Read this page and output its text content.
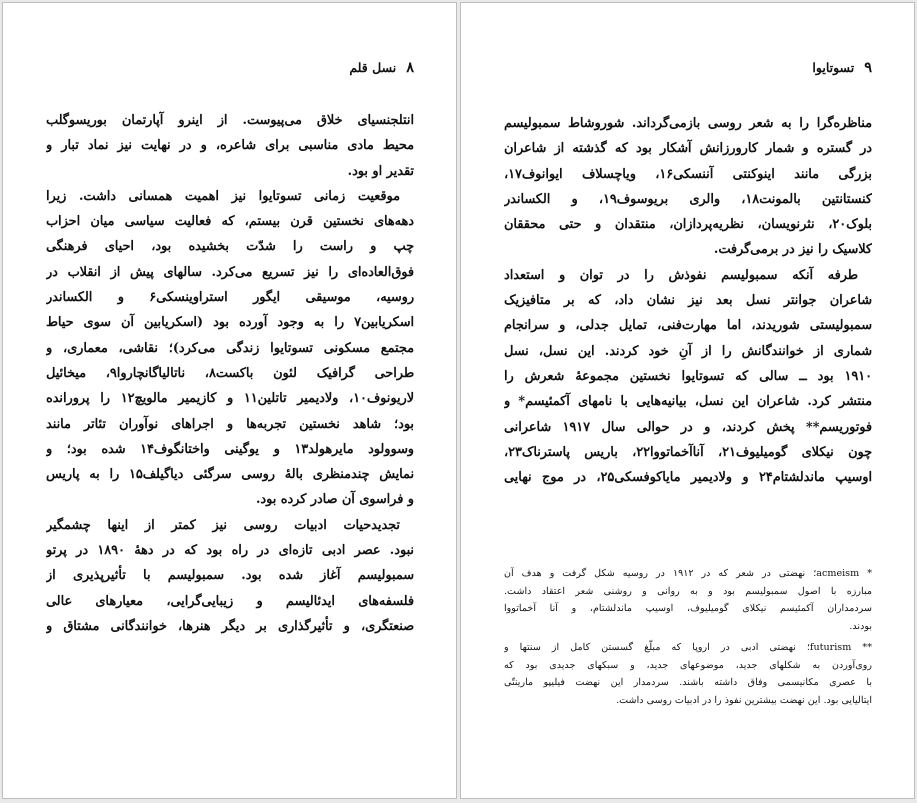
۸
نسل قلم
انتلجنسیای خلاق می‌پیوست. از اینرو آپارتمان بوریسوگلب
محیط مادی مناسبی برای شاعره، و در نهایت نیز نماد تبار و
تقدیر او بود.
موقعیت زمانی تسوتایوا نیز اهمیت همسانی داشت. زیرا
دهه‌های نخستین قرن بیستم، که فعالیت سیاسی میان احزاب
چپ و راست را شدّت بخشیده بود، احیای فرهنگی
فوق‌العاده‌ای را نیز تسریع می‌کرد. سالهای پیش از انقلاب در
روسیه، موسیقی ایگور استراوینسکی۶ و الکساندر
اسکریابین۷ را به وجود آورده بود (اسکریابین آن سوی حیاط
مجتمع مسکونی تسوتایوا زندگی می‌کرد)؛ نقاشی، معماری، و
طراحی گرافیک لئون باکست۸، ناتالیاگانچاروا۹، میخائیل
لاریونوف۱۰، ولادیمیر تاتلین۱۱ و کازیمیر مالویچ۱۲ را پرورانده
بود؛ شاهد نخستین تجربه‌ها و اجراهای نوآوران تئاتر مانند
وسوولود مایرهولد۱۳ و یوگینی واختانگوف۱۴ شده بود؛ و
نمایش چندمنظری بالهٔ روسی سرگئی دیاگیلف۱۵ را به پاریس
و فراسوی آن صادر کرده بود.
تجدیدحیات ادبیات روسی نیز کمتر از اینها چشمگیر
نبود. عصر ادبی تازه‌ای در راه بود که در دههٔ ۱۸۹۰ در پرتو
سمبولیسم آغاز شده بود. سمبولیسم با تأثیرپذیری از
فلسفه‌های ایدئالیسم و زیبایی‌گرایی، معیارهای عالی
صنعتگری، و تأثیرگذاری بر دیگر هنرها، خوانندگانی مشتاق و
۹
تسوتایوا
مناظره‌گرا را به شعر روسی بازمی‌گرداند. شوروشاط سمبولیسم
در گستره و شمار کارورزانش آشکار بود که گذشته از شاعران
بزرگی مانند اینوکنتی آننسکی۱۶، ویاچسلاف ایوانوف۱۷،
کنستانتین بالمونت۱۸، والری بریوسوف۱۹، و الکساندر
بلوک۲۰، نثرنویسان، نظریه‌پردازان، منتقدان و حتی محققان
کلاسیک را نیز در برمی‌گرفت.
طرفه آنکه سمبولیسم نفوذش را در توان و استعداد
شاعران جوانتر نسل بعد نیز نشان داد، که بر متافیزیک
سمبولیستی شوریدند، اما مهارت‌فنی، تمایل جدلی، و سرانجام
شماری از خوانندگانش را از آنِ خود کردند. این نسل، نسل
۱۹۱۰ بود ــ سالی که تسوتایوا نخستین مجموعهٔ شعرش را
منتشر کرد. شاعران این نسل، بیانیه‌هایی با نامهای آکمئیسم* و
فوتوریسم** پخش کردند، و در حوالی سال ۱۹۱۷ شاعرانی
چون نیکلای گومیلیوف۲۱، آناآخماتووا۲۲، باریس پاسترناک۲۳،
اوسیپ ماندلشتام۲۴ و ولادیمیر مایاکوفسکی۲۵، در موج نهایی
* acmeism؛ نهضتی در شعر که در ۱۹۱۲ در روسیه شکل گرفت و هدف آن
مبارزه با اصول سمبولیسم بود و به روانی و روشنی شعر اعتقاد داشت.
سردمداران آکمئیسم نیکلای گومیلیوف، اوسیپ ماندلشتام، و آنا آخماتووا
بودند.
** futurism؛ نهضتی ادبی در اروپا که مبلّغ گسستن کامل از سنتها و
روی‌آوردن به شکلهای جدید، موضوعهای جدید، و سبکهای جدیدی بود که
با عصری مکانیسمی وفاق داشته باشند. سردمدار این نهضت فیلیپو مارینتّی
ایتالیایی بود. این نهضت بیشترین نفوذ را در ادبیات روسی داشت.
